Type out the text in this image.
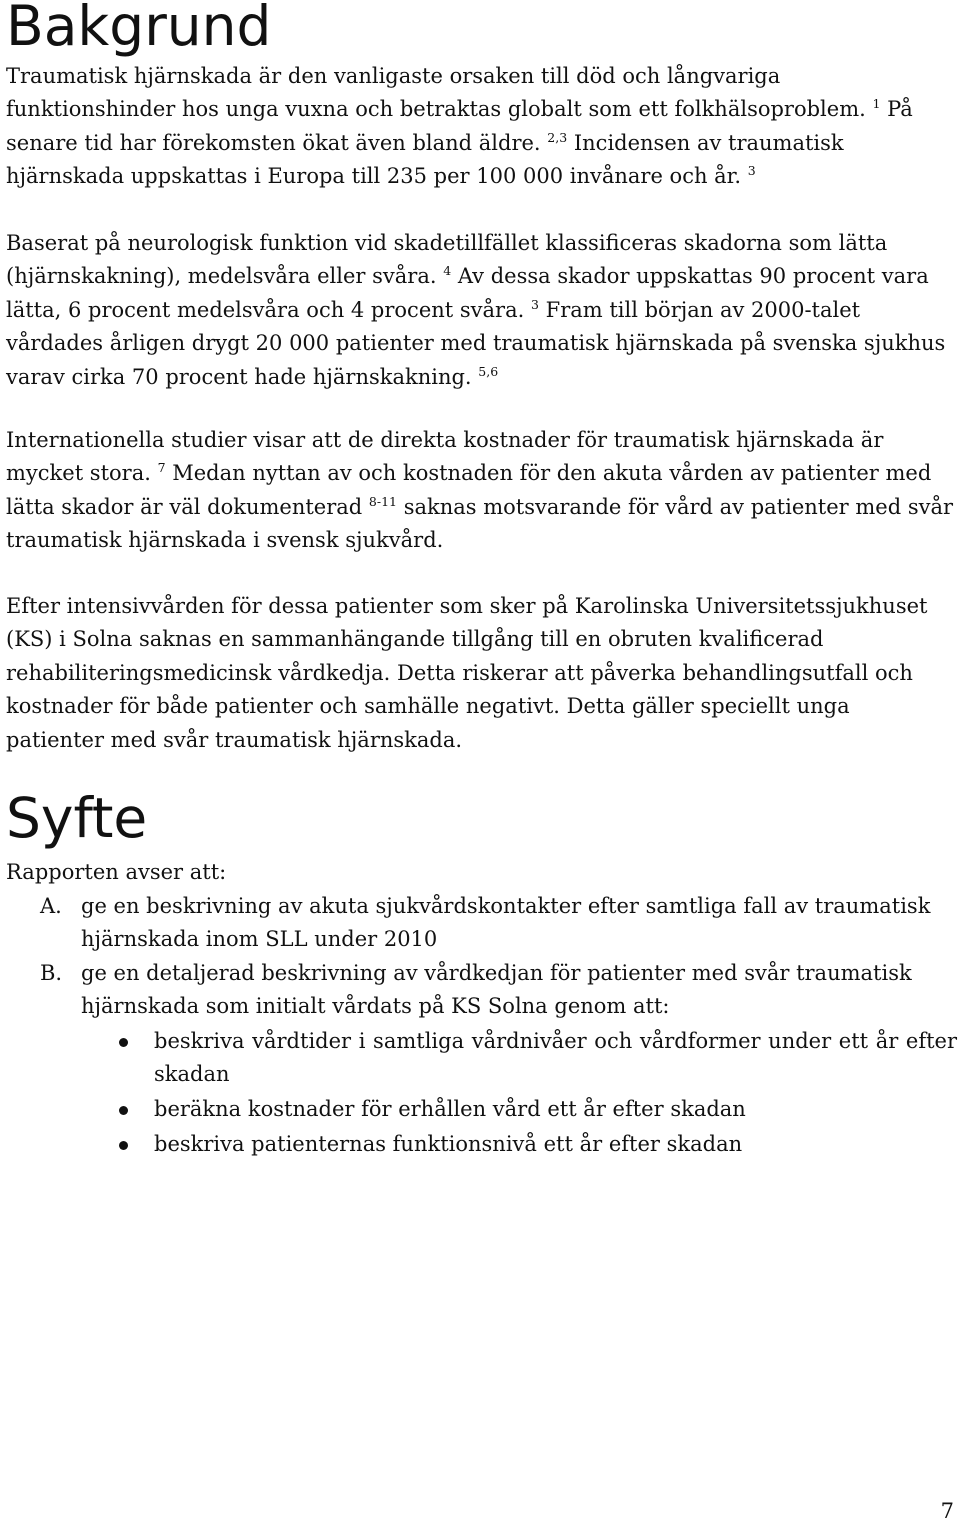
Bakgrund

Traumatisk hjärnskada är den vanligaste orsaken till död och långvariga funktionshinder hos unga vuxna och betraktas globalt som ett folkhälsoproblem. $^1$ På senare tid har förekomsten ökat även bland äldre. $^{2,3}$ Incidensen av traumatisk hjärnskada uppskattas i Europa till 235 per 100 000 invånare och år. $^3$

Baserat på neurologisk funktion vid skadetillfället klassificeras skadorna som lätta (hjärnskakning), medelsvåra eller svåra. $^4$ Av dessa skador uppskattas 90 procent vara lätta, 6 procent medelsvåra och 4 procent svåra. $^3$ Fram till början av 2000-talet vårdades årligen drygt 20 000 patienter med traumatisk hjärnskada på svenska sjukhus varav cirka 70 procent hade hjärnskakning. $^{5,6}$

Internationella studier visar att de direkta kostnader för traumatisk hjärnskada är mycket stora. $^7$ Medan nyttan av och kostnaden för den akuta vården av patienter med lätta skador är väl dokumenterad $^{8-11}$ saknas motsvarande för vård av patienter med svår traumatisk hjärnskada i svensk sjukvård.

Efter intensivvården för dessa patienter som sker på Karolinska Universitetssjukhuset (KS) i Solna saknas en sammanhängande tillgång till en obruten kvalificerad rehabiliteringsmedicinsk vårdkedja. Detta riskerar att påverka behandlingsutfall och kostnader för både patienter och samhälle negativt. Detta gäller speciellt unga patienter med svår traumatisk hjärnskada.

Syfte

Rapporten avser att:

A. ge en beskrivning av akuta sjukvårdskontakter efter samtliga fall av traumatisk hjärnskada inom SLL under 2010
B. ge en detaljerad beskrivning av vårdkedjan för patienter med svår traumatisk hjärnskada som initialt vårdats på KS Solna genom att:
beskriva vårdtider i samtliga vårdnivåer och vårdformer under ett år efter skadan
beräkna kostnader för erhållen vård ett år efter skadan
beskriva patienternas funktionsnivå ett år efter skadan
7
